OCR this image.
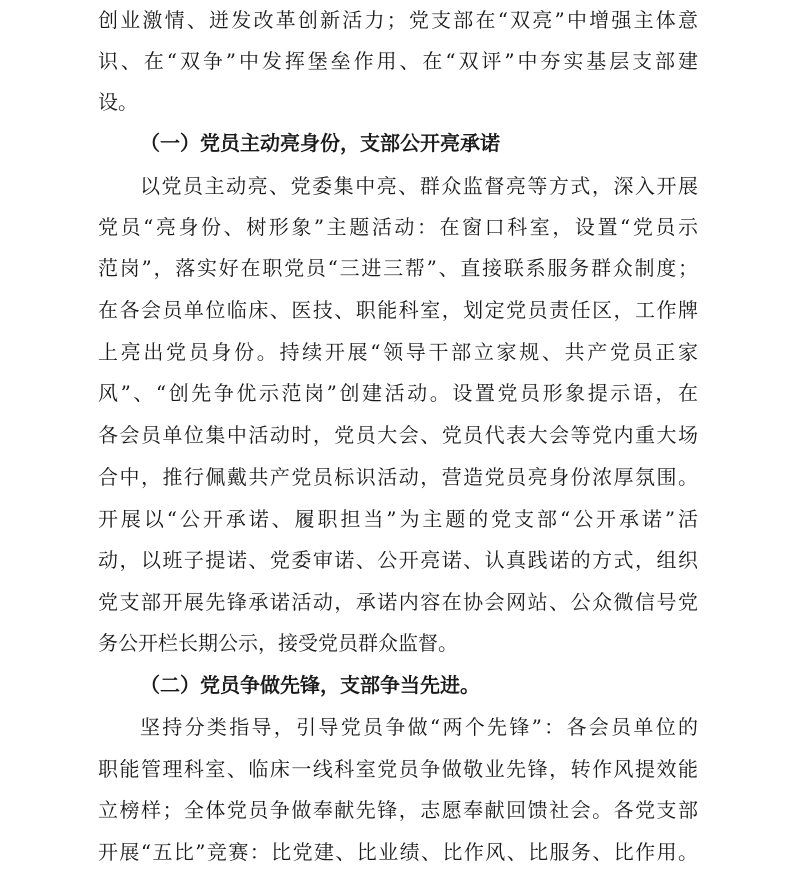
创业激情、迸发改革创新活力；党支部在“双亮”中增强主体意
识、在“双争”中发挥堡垒作用、在“双评”中夯实基层支部建
设。
（一）党员主动亮身份，支部公开亮承诺
以党员主动亮、党委集中亮、群众监督亮等方式，深入开展
党员“亮身份、树形象”主题活动：在窗口科室，设置“党员示
范岗”，落实好在职党员“三进三帮”、直接联系服务群众制度；
在各会员单位临床、医技、职能科室，划定党员责任区，工作牌
上亮出党员身份。持续开展“领导干部立家规、共产党员正家
风”、“创先争优示范岗”创建活动。设置党员形象提示语，在
各会员单位集中活动时，党员大会、党员代表大会等党内重大场
合中，推行佩戴共产党员标识活动，营造党员亮身份浓厚氛围。
开展以“公开承诺、履职担当”为主题的党支部“公开承诺”活
动，以班子提诺、党委审诺、公开亮诺、认真践诺的方式，组织
党支部开展先锋承诺活动，承诺内容在协会网站、公众微信号党
务公开栏长期公示，接受党员群众监督。
（二）党员争做先锋，支部争当先进。
坚持分类指导，引导党员争做“两个先锋”：各会员单位的
职能管理科室、临床一线科室党员争做敬业先锋，转作风提效能
立榜样；全体党员争做奉献先锋，志愿奉献回馈社会。各党支部
开展“五比”竞赛：比党建、比业绩、比作风、比服务、比作用。
